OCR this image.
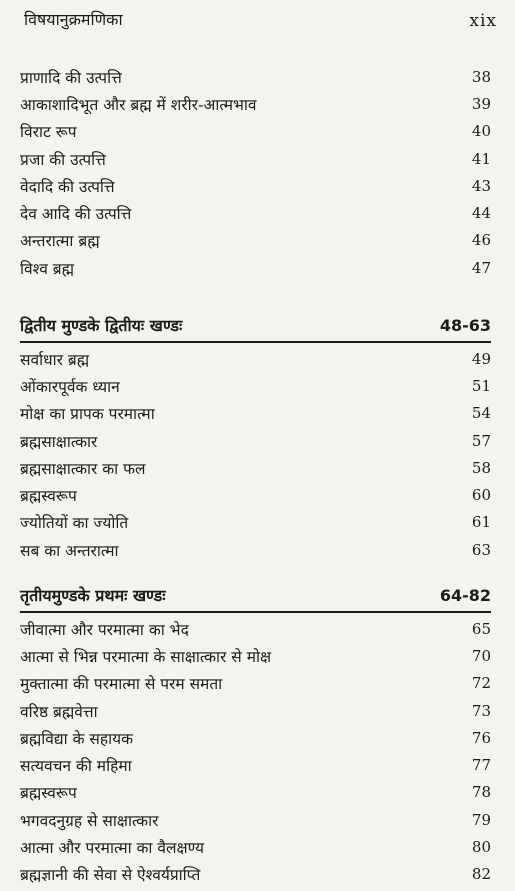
विषयानुक्रमणिका	xix
प्राणादि की उत्पत्ति	38
आकाशादिभूत और ब्रह्म में शरीर-आत्मभाव	39
विराट रूप	40
प्रजा की उत्पत्ति	41
वेदादि की उत्पत्ति	43
देव आदि की उत्पत्ति	44
अन्तरात्मा ब्रह्म	46
विश्व ब्रह्म	47
द्वितीय मुण्डके द्वितीयः खण्डः	48-63
सर्वाधार ब्रह्म	49
ओंकारपूर्वक ध्यान	51
मोक्ष का प्रापक परमात्मा	54
ब्रह्मसाक्षात्कार	57
ब्रह्मसाक्षात्कार का फल	58
ब्रह्मस्वरूप	60
ज्योतियों का ज्योति	61
सब का अन्तरात्मा	63
तृतीयमुण्डके प्रथमः खण्डः	64-82
जीवात्मा और परमात्मा का भेद	65
आत्मा से भिन्न परमात्मा के साक्षात्कार से मोक्ष	70
मुक्तात्मा की परमात्मा से परम समता	72
वरिष्ठ ब्रह्मवेत्ता	73
ब्रह्मविद्या के सहायक	76
सत्यवचन की महिमा	77
ब्रह्मस्वरूप	78
भगवदनुग्रह से साक्षात्कार	79
आत्मा और परमात्मा का वैलक्षण्य	80
ब्रह्मज्ञानी की सेवा से ऐश्वर्यप्राप्ति	82
